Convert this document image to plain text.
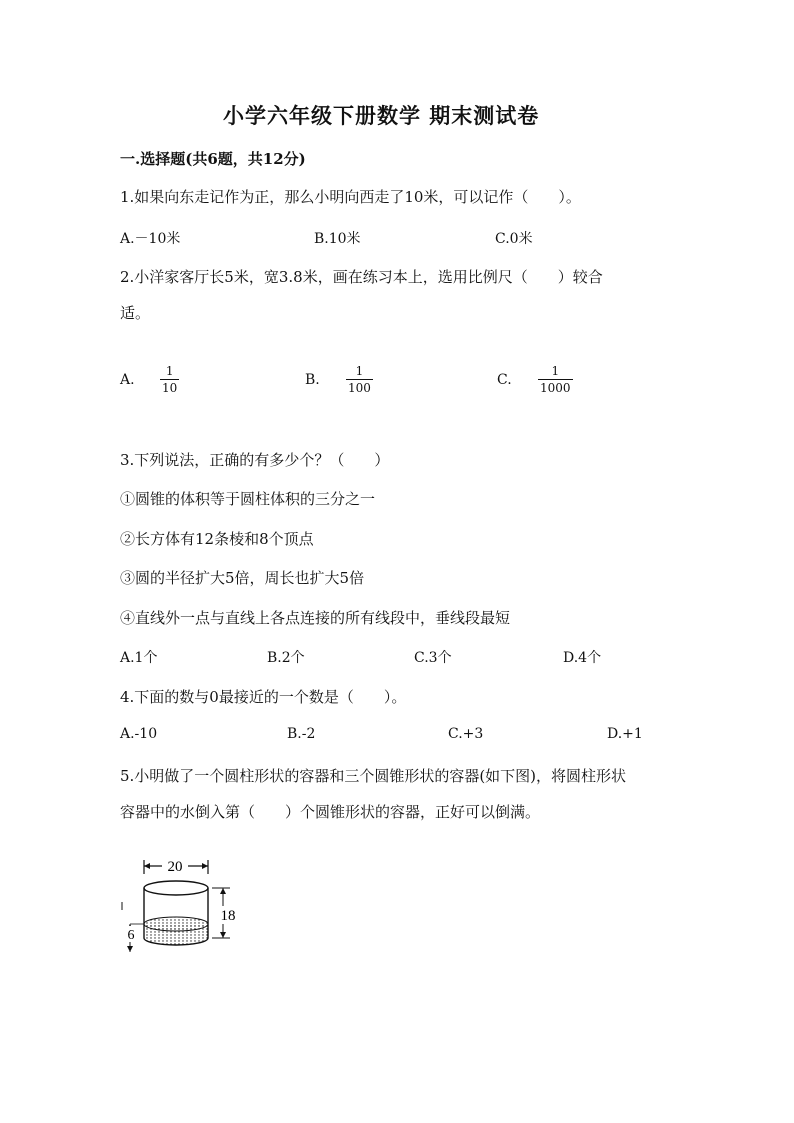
小学六年级下册数学 期末测试卷
一.选择题(共6题，共12分)
1.如果向东走记作为正，那么小明向西走了10米，可以记作（　　）。
A.－10米	B.10米	C.0米
2.小洋家客厅长5米，宽3.8米，画在练习本上，选用比例尺（　　）较合
适。
A.
1
10	B.
1
100	C.
1
1000
3.下列说法，正确的有多少个？（　　）
①圆锥的体积等于圆柱体积的三分之一
②长方体有12条棱和8个顶点
③圆的半径扩大5倍，周长也扩大5倍
④直线外一点与直线上各点连接的所有线段中，垂线段最短
A.1个	B.2个	C.3个	D.4个
4.下面的数与0最接近的一个数是（　　）。
A.-10	B.-2	C.+3	D.+1
5.小明做了一个圆柱形状的容器和三个圆锥形状的容器(如下图)，将圆柱形状
容器中的水倒入第（　　）个圆锥形状的容器，正好可以倒满。
20
18
6
